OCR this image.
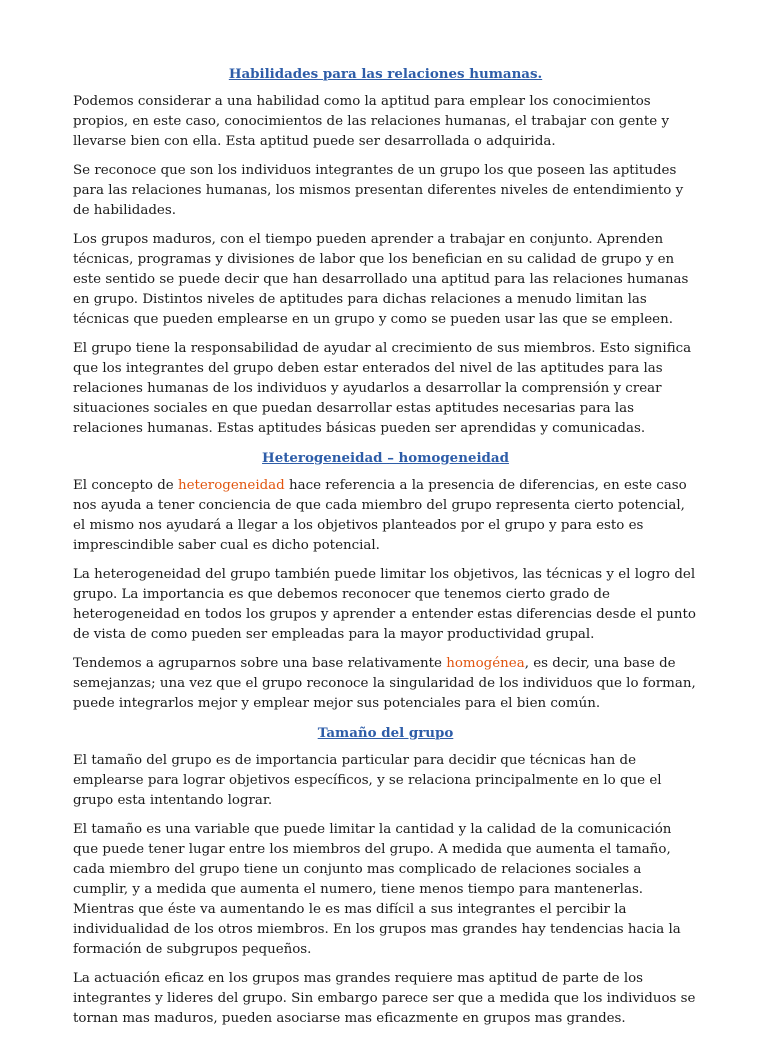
Habilidades para las relaciones humanas.

Podemos considerar a una habilidad como la aptitud para emplear los conocimientos propios, en este caso, conocimientos de las relaciones humanas, el trabajar con gente y llevarse bien con ella. Esta aptitud puede ser desarrollada o adquirida.

Se reconoce que son los individuos integrantes de un grupo los que poseen las aptitudes para las relaciones humanas, los mismos presentan diferentes niveles de entendimiento y de habilidades.

Los grupos maduros, con el tiempo pueden aprender a trabajar en conjunto. Aprenden técnicas, programas y divisiones de labor que los benefician en su calidad de grupo y en este sentido se puede decir que han desarrollado una aptitud para las relaciones humanas en grupo. Distintos niveles de aptitudes para dichas relaciones a menudo limitan las técnicas que pueden emplearse en un grupo y como se pueden usar las que se empleen.

El grupo tiene la responsabilidad de ayudar al crecimiento de sus miembros. Esto significa que los integrantes del grupo deben estar enterados del nivel de las aptitudes para las relaciones humanas de los individuos y ayudarlos a desarrollar la comprensión y crear situaciones sociales en que puedan desarrollar estas aptitudes necesarias para las relaciones humanas. Estas aptitudes básicas pueden ser aprendidas y comunicadas.

Heterogeneidad – homogeneidad

El concepto de heterogeneidad hace referencia a la presencia de diferencias, en este caso nos ayuda a tener conciencia de que cada miembro del grupo representa cierto potencial, el mismo nos ayudará a llegar a los objetivos planteados por el grupo y para esto es imprescindible saber cual es dicho potencial.

La heterogeneidad del grupo también puede limitar los objetivos, las técnicas y el logro del grupo. La importancia es que debemos reconocer que tenemos cierto grado de heterogeneidad en todos los grupos y aprender a entender estas diferencias desde el punto de vista de como pueden ser empleadas para la mayor productividad grupal.

Tendemos a agruparnos sobre una base relativamente homogénea, es decir, una base de semejanzas; una vez que el grupo reconoce la singularidad de los individuos que lo forman, puede integrarlos mejor y emplear mejor sus potenciales para el bien común.

Tamaño del grupo

El tamaño del grupo es de importancia particular para decidir que técnicas han de emplearse para lograr objetivos específicos, y se relaciona principalmente en lo que el grupo esta intentando lograr.

El tamaño es una variable que puede limitar la cantidad y la calidad de la comunicación que puede tener lugar entre los miembros del grupo. A medida que aumenta el tamaño, cada miembro del grupo tiene un conjunto mas complicado de relaciones sociales a cumplir, y a medida que aumenta el numero, tiene menos tiempo para mantenerlas. Mientras que éste va aumentando le es mas difícil a sus integrantes el percibir la individualidad de los otros miembros. En los grupos mas grandes hay tendencias hacia la formación de subgrupos pequeños.

La actuación eficaz en los grupos mas grandes requiere mas aptitud de parte de los integrantes y lideres del grupo. Sin embargo parece ser que a medida que los individuos se tornan mas maduros, pueden asociarse mas eficazmente en grupos mas grandes.
